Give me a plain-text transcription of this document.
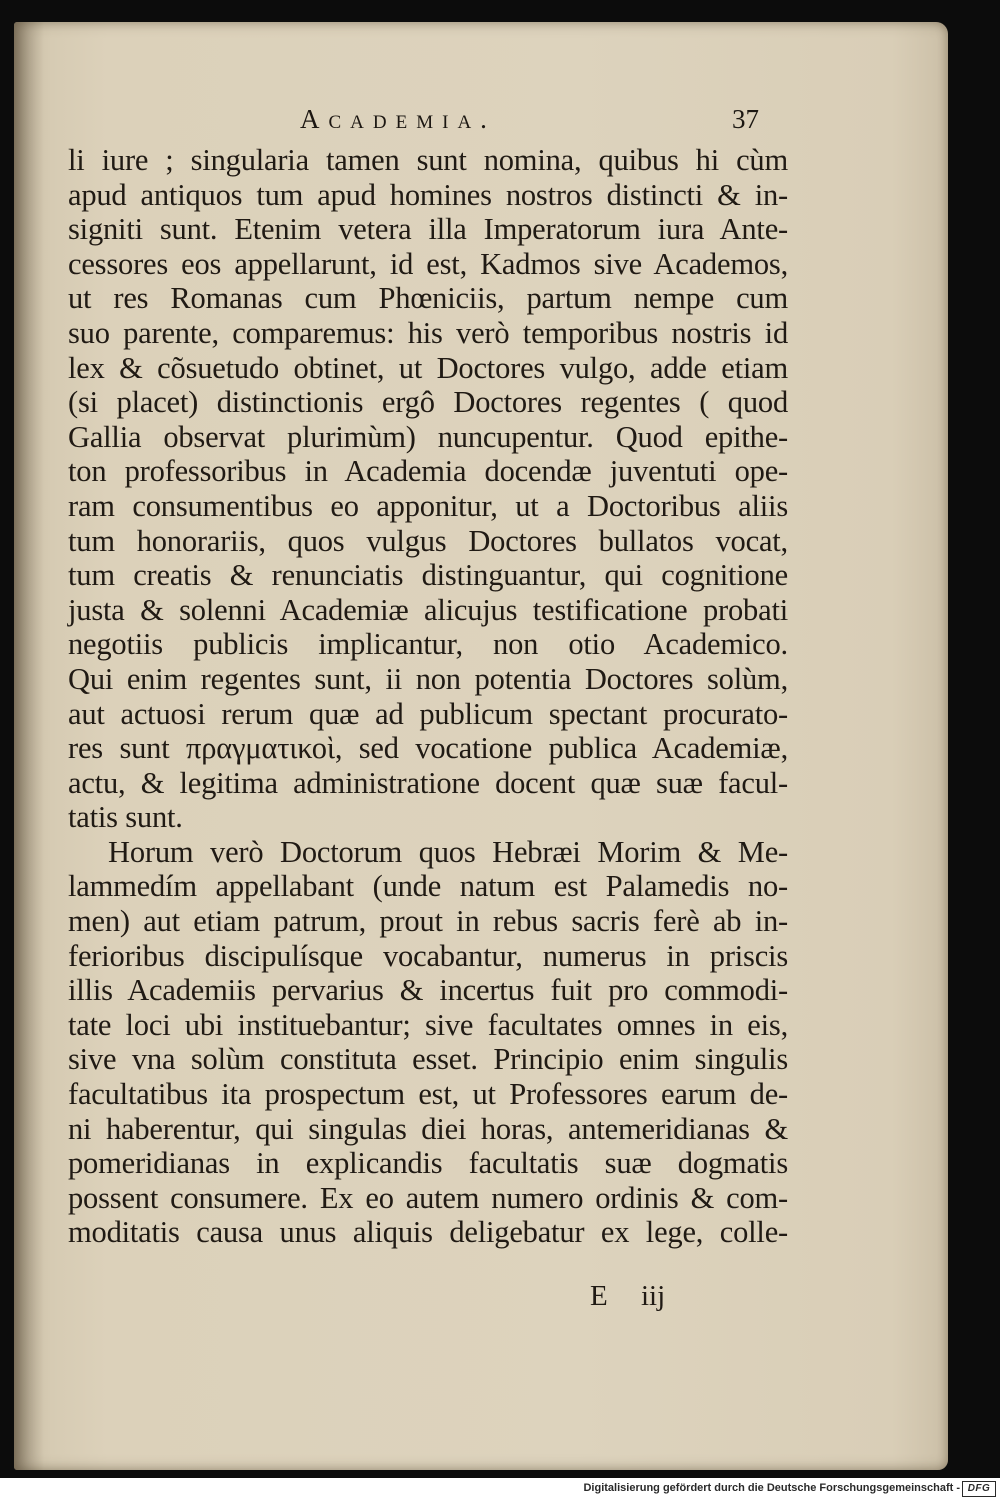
Academia.	37
li iure ; singularia tamen sunt nomina, quibus hi cùm
apud antiquos tum apud homines nostros distincti & in-
signiti sunt. Etenim vetera illa Imperatorum iura Ante-
cessores eos appellarunt, id est, Kadmos sive Academos,
ut res Romanas cum Phœniciis, partum nempe cum
suo parente, comparemus: his verò temporibus nostris id
lex & cõsuetudo obtinet, ut Doctores vulgo, adde etiam
(si placet) distinctionis ergô Doctores regentes ( quod
Gallia observat plurimùm) nuncupentur. Quod epithe-
ton professoribus in Academia docendæ juventuti ope-
ram consumentibus eo apponitur, ut a Doctoribus aliis
tum honorariis, quos vulgus Doctores bullatos vocat,
tum creatis & renunciatis distinguantur, qui cognitione
justa & solenni Academiæ alicujus testificatione probati
negotiis publicis implicantur, non otio Academico.
Qui enim regentes sunt, ii non potentia Doctores solùm,
aut actuosi rerum quæ ad publicum spectant procurato-
res sunt πραγματικοὶ, sed vocatione publica Academiæ,
actu, & legitima administratione docent quæ suæ facul-
tatis sunt.
Horum verò Doctorum quos Hebræi Morim & Me-
lammedím appellabant (unde natum est Palamedis no-
men) aut etiam patrum, prout in rebus sacris ferè ab in-
ferioribus discipulísque vocabantur, numerus in priscis
illis Academiis pervarius & incertus fuit pro commodi-
tate loci ubi instituebantur; sive facultates omnes in eis,
sive vna solùm constituta esset. Principio enim singulis
facultatibus ita prospectum est, ut Professores earum de-
ni haberentur, qui singulas diei horas, antemeridianas &
pomeridianas in explicandis facultatis suæ dogmatis
possent consumere. Ex eo autem numero ordinis & com-
moditatis causa unus aliquis deligebatur ex lege, colle-
E iij
Digitalisierung gefördert durch die Deutsche Forschungsgemeinschaft - DFG
